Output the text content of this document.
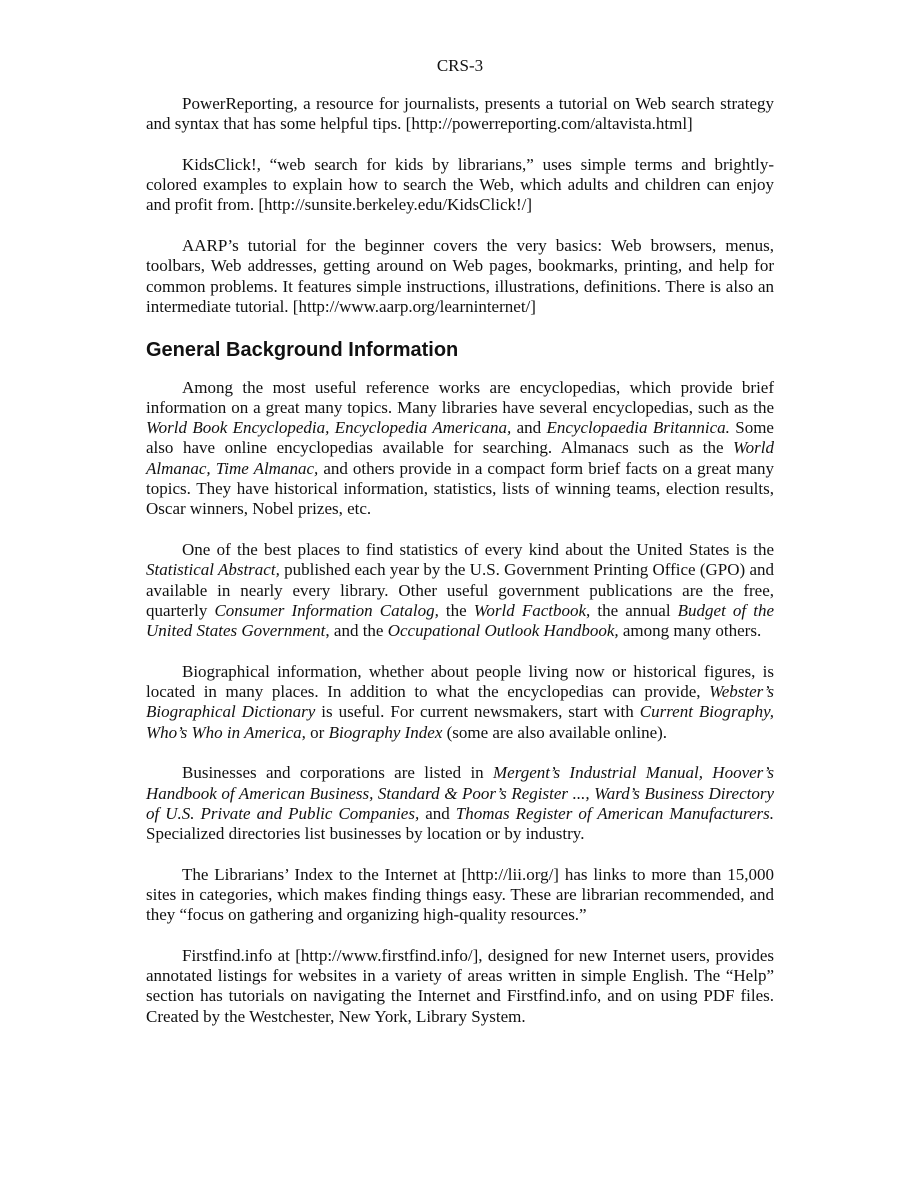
CRS-3

PowerReporting, a resource for journalists, presents a tutorial on Web search strategy and syntax that has some helpful tips. [http://powerreporting.com/altavista.html]

KidsClick!, “web search for kids by librarians,” uses simple terms and brightly-colored examples to explain how to search the Web, which adults and children can enjoy and profit from. [http://sunsite.berkeley.edu/KidsClick!/]

AARP’s tutorial for the beginner covers the very basics: Web browsers, menus, toolbars, Web addresses, getting around on Web pages, bookmarks, printing, and help for common problems. It features simple instructions, illustrations, definitions. There is also an intermediate tutorial. [http://www.aarp.org/learninternet/]

General Background Information

Among the most useful reference works are encyclopedias, which provide brief information on a great many topics. Many libraries have several encyclopedias, such as the World Book Encyclopedia, Encyclopedia Americana, and Encyclopaedia Britannica. Some also have online encyclopedias available for searching. Almanacs such as the World Almanac, Time Almanac, and others provide in a compact form brief facts on a great many topics. They have historical information, statistics, lists of winning teams, election results, Oscar winners, Nobel prizes, etc.

One of the best places to find statistics of every kind about the United States is the Statistical Abstract, published each year by the U.S. Government Printing Office (GPO) and available in nearly every library. Other useful government publications are the free, quarterly Consumer Information Catalog, the World Factbook, the annual Budget of the United States Government, and the Occupational Outlook Handbook, among many others.

Biographical information, whether about people living now or historical figures, is located in many places. In addition to what the encyclopedias can provide, Webster’s Biographical Dictionary is useful. For current newsmakers, start with Current Biography, Who’s Who in America, or Biography Index (some are also available online).

Businesses and corporations are listed in Mergent’s Industrial Manual, Hoover’s Handbook of American Business, Standard & Poor’s Register ..., Ward’s Business Directory of U.S. Private and Public Companies, and Thomas Register of American Manufacturers. Specialized directories list businesses by location or by industry.

The Librarians’ Index to the Internet at [http://lii.org/] has links to more than 15,000 sites in categories, which makes finding things easy. These are librarian recommended, and they “focus on gathering and organizing high-quality resources.”

Firstfind.info at [http://www.firstfind.info/], designed for new Internet users, provides annotated listings for websites in a variety of areas written in simple English. The “Help” section has tutorials on navigating the Internet and Firstfind.info, and on using PDF files. Created by the Westchester, New York, Library System.
